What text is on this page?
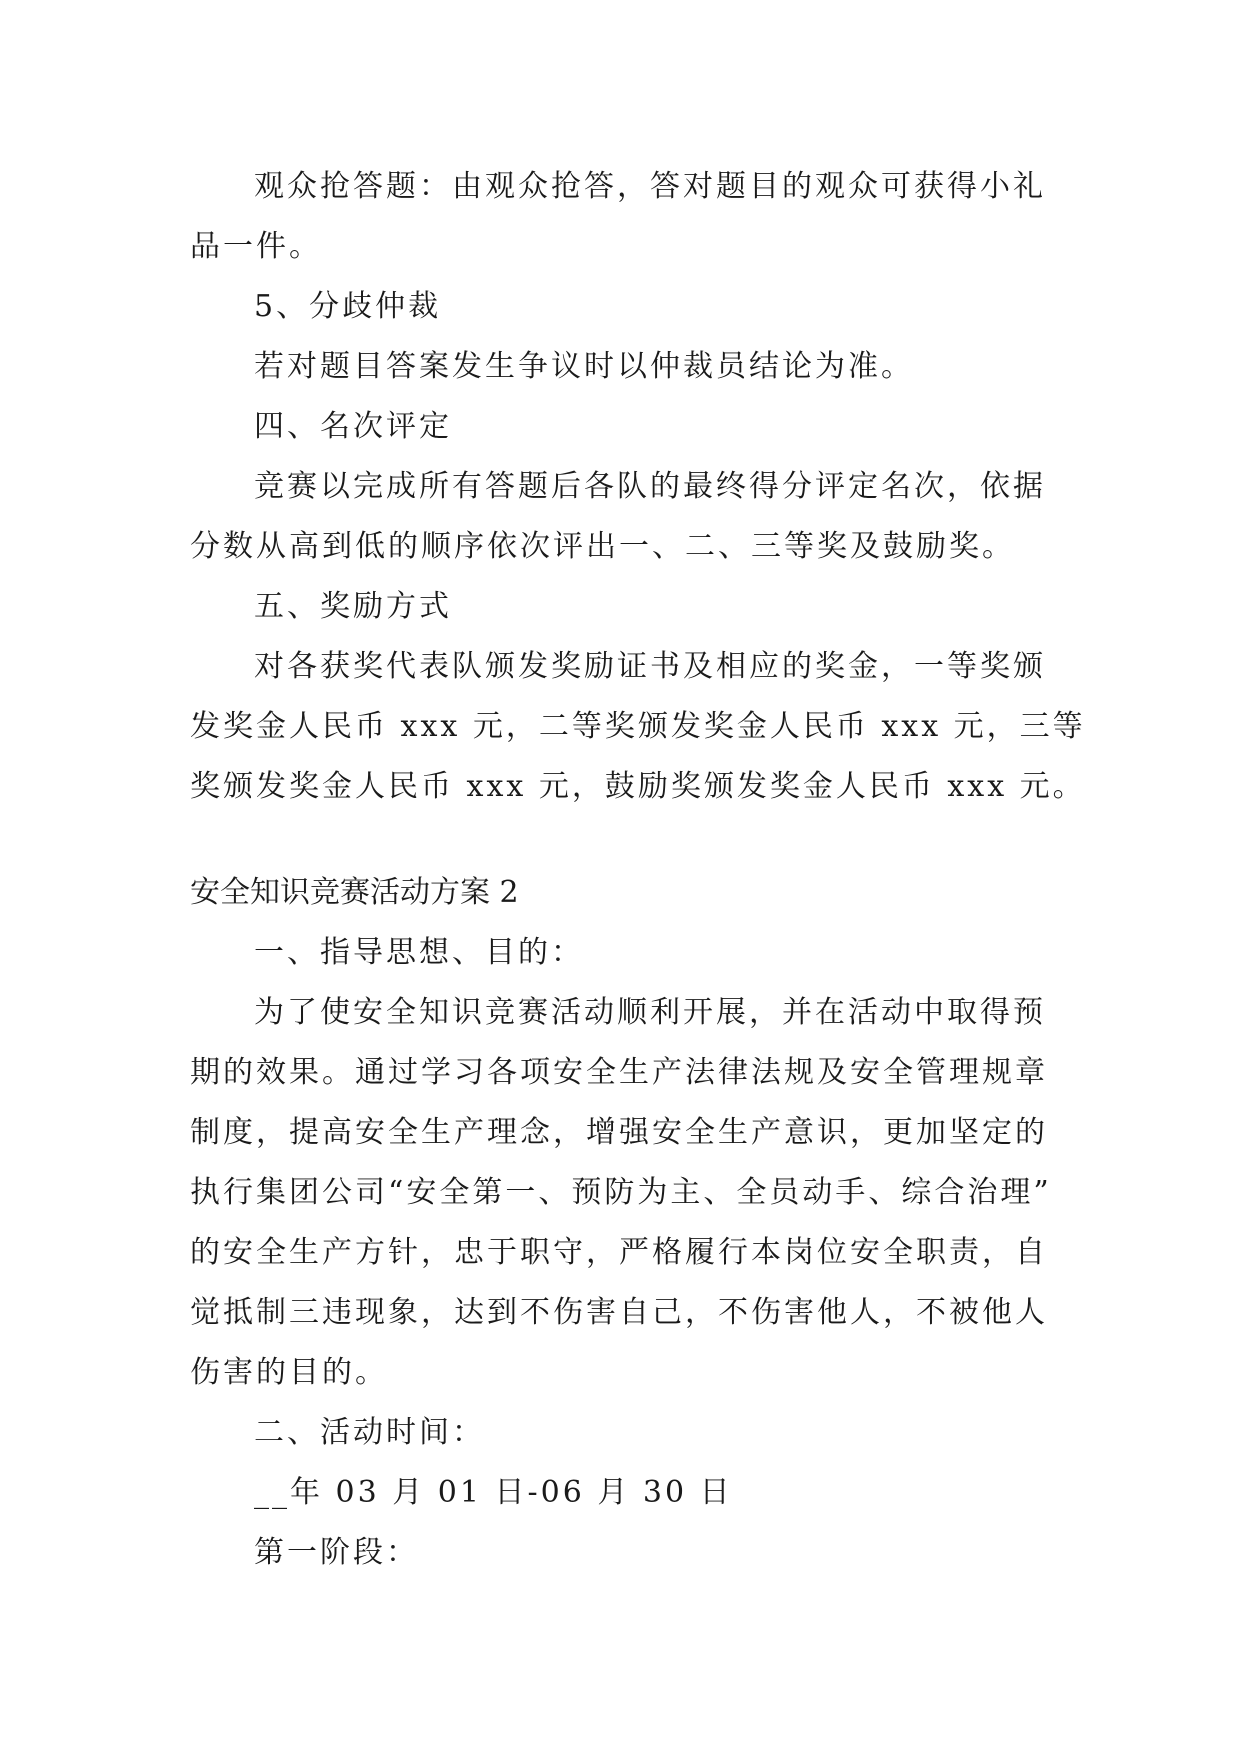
观众抢答题：由观众抢答，答对题目的观众可获得小礼
品一件。
5、分歧仲裁
若对题目答案发生争议时以仲裁员结论为准。
四、名次评定
竞赛以完成所有答题后各队的最终得分评定名次，依据
分数从高到低的顺序依次评出一、二、三等奖及鼓励奖。
五、奖励方式
对各获奖代表队颁发奖励证书及相应的奖金，一等奖颁
发奖金人民币 xxx 元，二等奖颁发奖金人民币 xxx 元，三等
奖颁发奖金人民币 xxx 元，鼓励奖颁发奖金人民币 xxx 元。
安全知识竞赛活动方案 2
一、指导思想、目的：
为了使安全知识竞赛活动顺利开展，并在活动中取得预
期的效果。通过学习各项安全生产法律法规及安全管理规章
制度，提高安全生产理念，增强安全生产意识，更加坚定的
执行集团公司“安全第一、预防为主、全员动手、综合治理”
的安全生产方针，忠于职守，严格履行本岗位安全职责，自
觉抵制三违现象，达到不伤害自己，不伤害他人，不被他人
伤害的目的。
二、活动时间：
__年 03 月 01 日-06 月 30 日
第一阶段：
